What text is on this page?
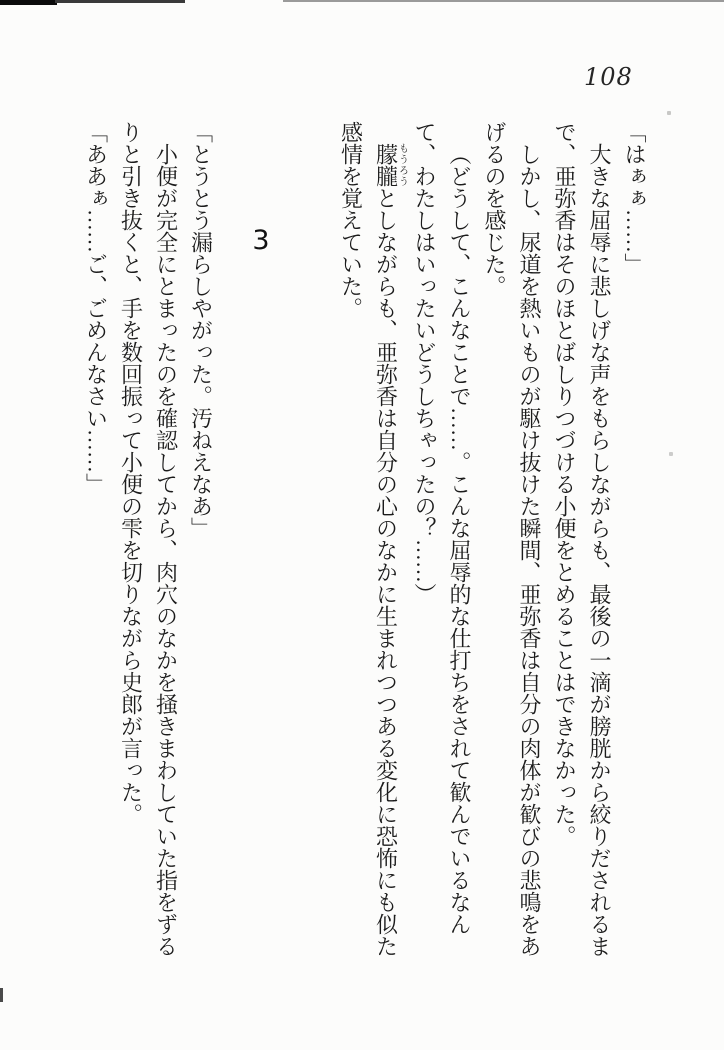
108

「はぁぁ……」

大きな屈辱に悲しげな声をもらしながらも、最後の一滴が膀胱から絞りだされるまで、亜弥香はそのほとばしりつづける小便をとめることはできなかった。

しかし、尿道を熱いものが駆け抜けた瞬間、亜弥香は自分の肉体が歓びの悲鳴をあげるのを感じた。

（どうして、こんなことで……。こんな屈辱的な仕打ちをされて歓んでいるなんて、わたしはいったいどうしちゃったの？……）

朦朧もうろうとしながらも、亜弥香は自分の心のなかに生まれつつある変化に恐怖にも似た感情を覚えていた。

3

「とうとう漏らしやがった。汚ねえなあ」

小便が完全にとまったのを確認してから、肉穴のなかを掻きまわしていた指をずるりと引き抜くと、手を数回振って小便の雫を切りながら史郎が言った。

「ああぁ……ご、ごめんなさい……」
